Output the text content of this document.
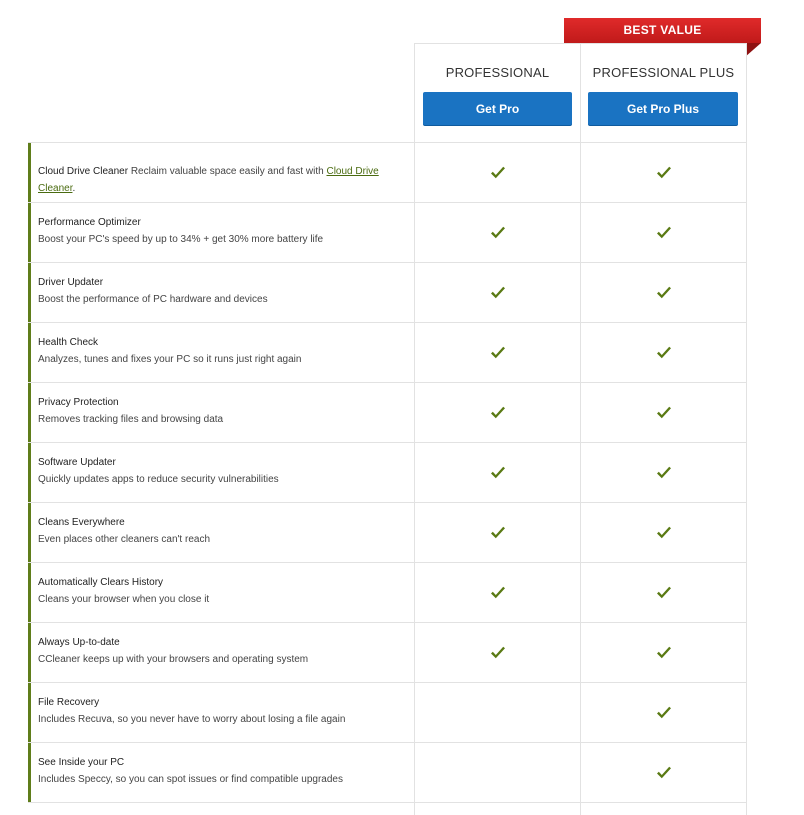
PROFESSIONAL
Get Pro
PROFESSIONAL PLUS
Get Pro Plus
BEST VALUE
Cloud Drive Cleaner Reclaim valuable space easily and fast with Cloud Drive Cleaner.
Performance Optimizer
Boost your PC's speed by up to 34% + get 30% more battery life
Driver Updater
Boost the performance of PC hardware and devices
Health Check
Analyzes, tunes and fixes your PC so it runs just right again
Privacy Protection
Removes tracking files and browsing data
Software Updater
Quickly updates apps to reduce security vulnerabilities
Cleans Everywhere
Even places other cleaners can't reach
Automatically Clears History
Cleans your browser when you close it
Always Up-to-date
CCleaner keeps up with your browsers and operating system
File Recovery
Includes Recuva, so you never have to worry about losing a file again
See Inside your PC
Includes Speccy, so you can spot issues or find compatible upgrades
